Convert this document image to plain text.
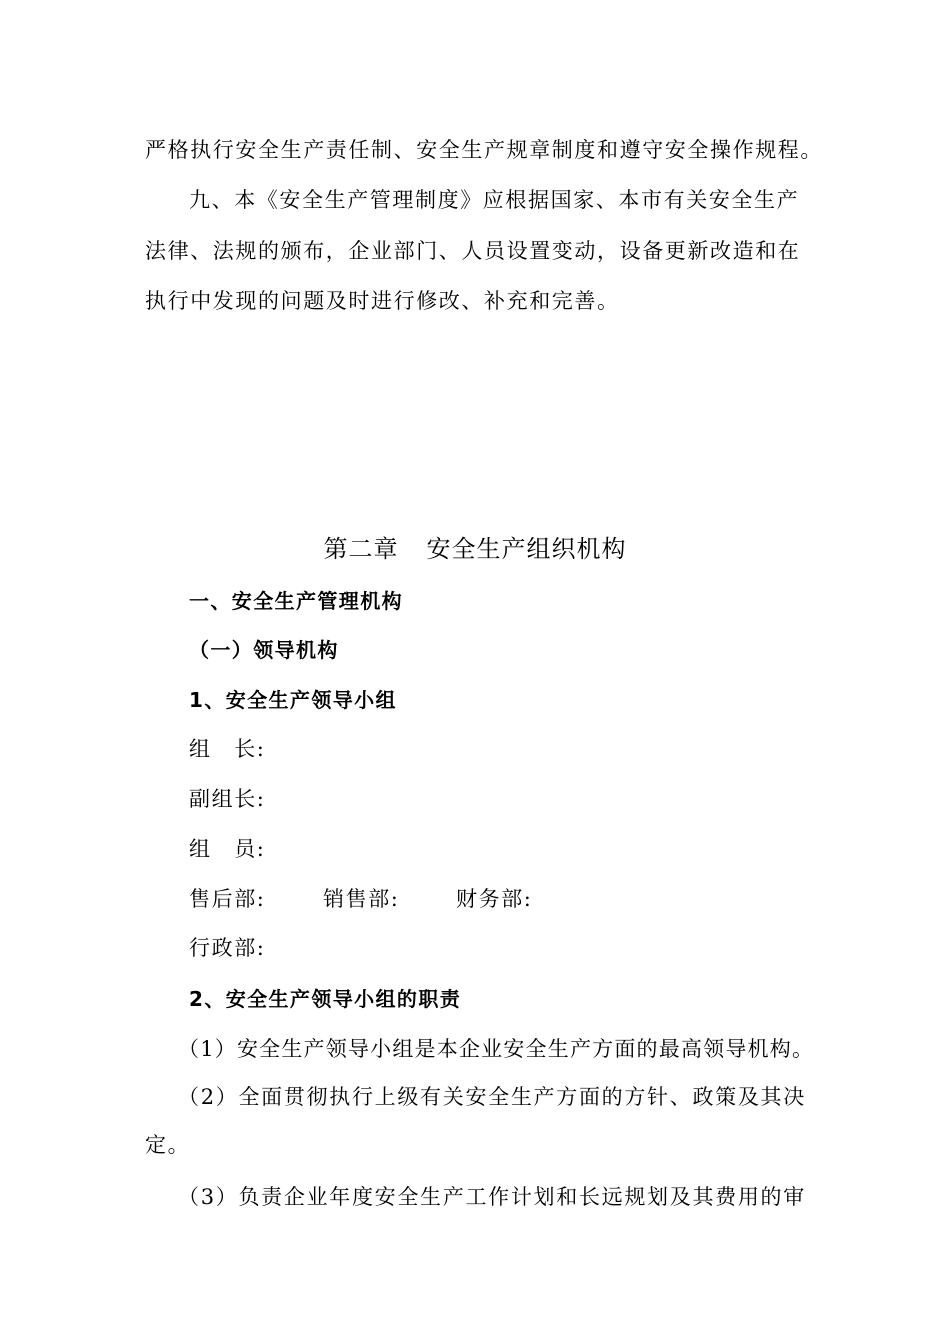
严格执行安全生产责任制、安全生产规章制度和遵守安全操作规程。
九、本《安全生产管理制度》应根据国家、本市有关安全生产
法律、法规的颁布，企业部门、人员设置变动，设备更新改造和在
执行中发现的问题及时进行修改、补充和完善。
第二章 安全生产组织机构
一、安全生产管理机构
（一）领导机构
1、安全生产领导小组
组　长:
副组长:
组　员:
售后部:	销售部:	财务部:
行政部:
2、安全生产领导小组的职责
（1）安全生产领导小组是本企业安全生产方面的最高领导机构。
（2）全面贯彻执行上级有关安全生产方面的方针、政策及其决
定。
（3）负责企业年度安全生产工作计划和长远规划及其费用的审
